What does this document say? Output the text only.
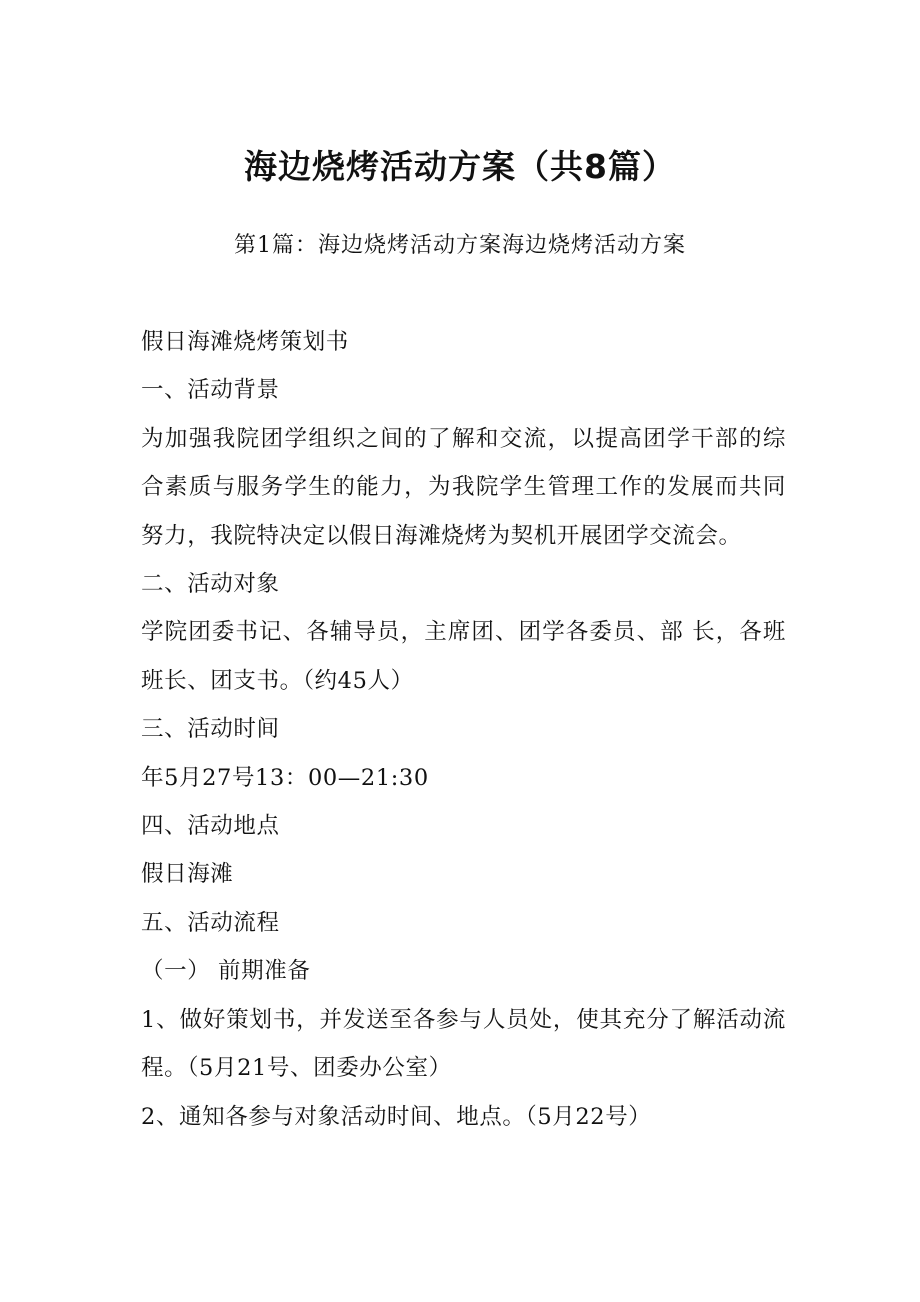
海边烧烤活动方案（共8篇）
第1篇：海边烧烤活动方案海边烧烤活动方案

假日海滩烧烤策划书

一、活动背景

为加强我院团学组织之间的了解和交流，以提高团学干部的综合素质与服务学生的能力，为我院学生管理工作的发展而共同努力，我院特决定以假日海滩烧烤为契机开展团学交流会。

二、活动对象

学院团委书记、各辅导员，主席团、团学各委员、部 长，各班班长、团支书。（约45人）

三、活动时间

年5月27号13：00—21:30

四、活动地点

假日海滩

五、活动流程

（一） 前期准备

1、做好策划书，并发送至各参与人员处，使其充分了解活动流程。（5月21号、团委办公室）

2、通知各参与对象活动时间、地点。（5月22号）
